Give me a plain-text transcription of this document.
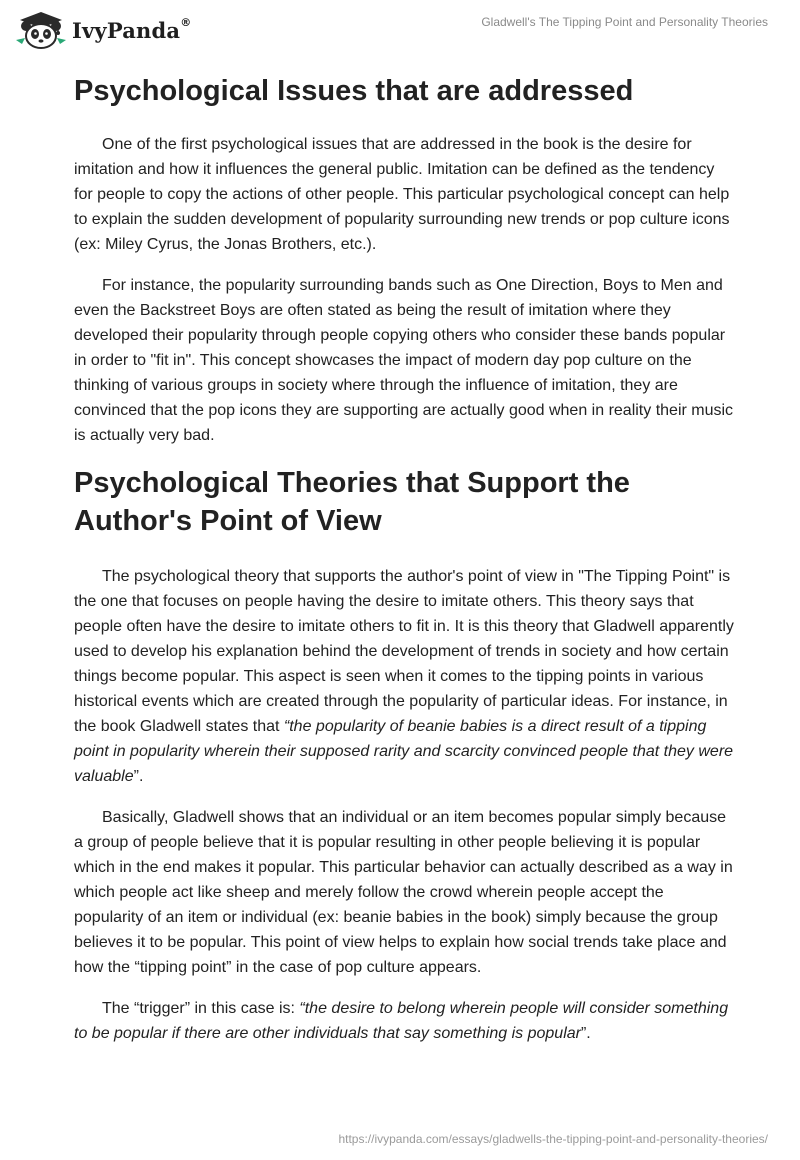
IvyPanda®	Gladwell's The Tipping Point and Personality Theories
Psychological Issues that are addressed

One of the first psychological issues that are addressed in the book is the desire for imitation and how it influences the general public. Imitation can be defined as the tendency for people to copy the actions of other people. This particular psychological concept can help to explain the sudden development of popularity surrounding new trends or pop culture icons (ex: Miley Cyrus, the Jonas Brothers, etc.).

For instance, the popularity surrounding bands such as One Direction, Boys to Men and even the Backstreet Boys are often stated as being the result of imitation where they developed their popularity through people copying others who consider these bands popular in order to "fit in". This concept showcases the impact of modern day pop culture on the thinking of various groups in society where through the influence of imitation, they are convinced that the pop icons they are supporting are actually good when in reality their music is actually very bad.

Psychological Theories that Support the Author's Point of View

The psychological theory that supports the author's point of view in "The Tipping Point" is the one that focuses on people having the desire to imitate others. This theory says that people often have the desire to imitate others to fit in. It is this theory that Gladwell apparently used to develop his explanation behind the development of trends in society and how certain things become popular. This aspect is seen when it comes to the tipping points in various historical events which are created through the popularity of particular ideas. For instance, in the book Gladwell states that “the popularity of beanie babies is a direct result of a tipping point in popularity wherein their supposed rarity and scarcity convinced people that they were valuable”.

Basically, Gladwell shows that an individual or an item becomes popular simply because a group of people believe that it is popular resulting in other people believing it is popular which in the end makes it popular. This particular behavior can actually described as a way in which people act like sheep and merely follow the crowd wherein people accept the popularity of an item or individual (ex: beanie babies in the book) simply because the group believes it to be popular. This point of view helps to explain how social trends take place and how the “tipping point” in the case of pop culture appears.

The “trigger” in this case is: “the desire to belong wherein people will consider something to be popular if there are other individuals that say something is popular”.

https://ivypanda.com/essays/gladwells-the-tipping-point-and-personality-theories/
